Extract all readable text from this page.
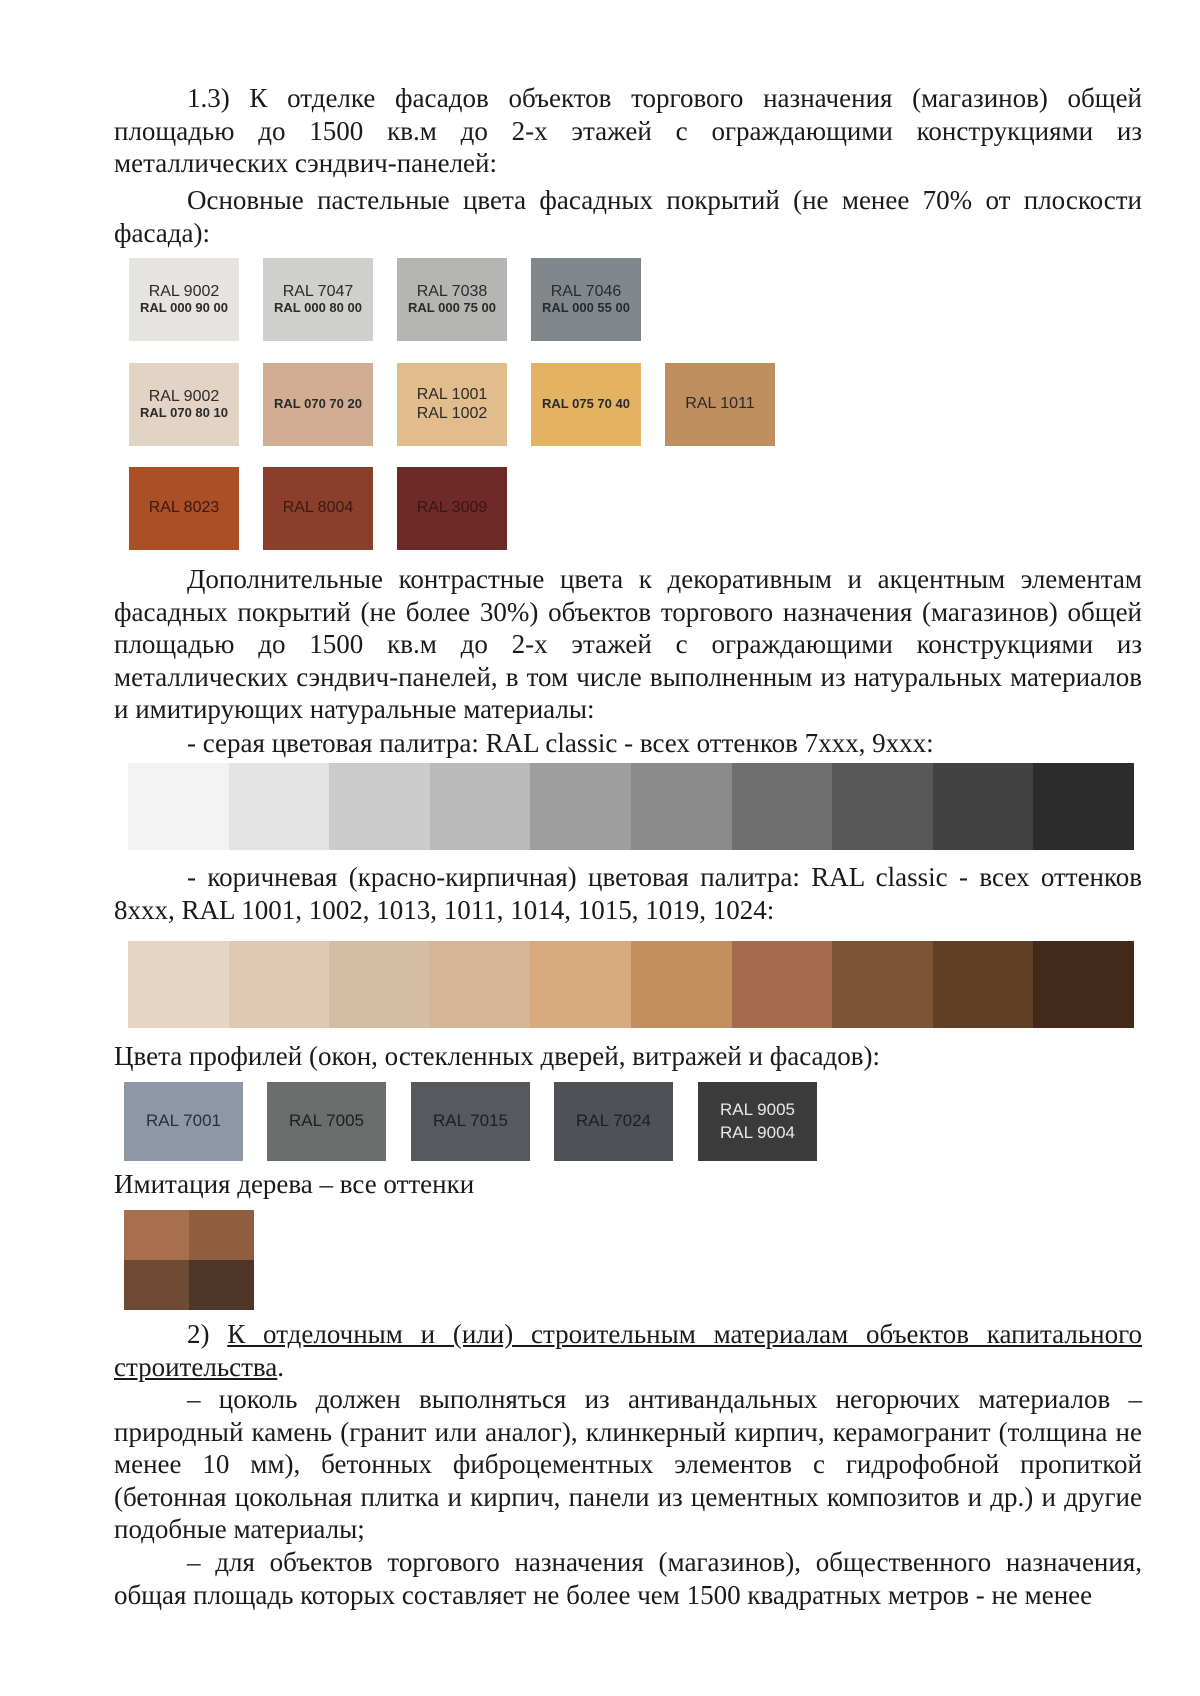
1.3) К отделке фасадов объектов торгового назначения (магазинов) общей площадью до 1500 кв.м до 2-х этажей с ограждающими конструкциями из металлических сэндвич-панелей:

Основные пастельные цвета фасадных покрытий (не менее 70% от плоскости фасада):

RAL 9002
RAL 000 90 00
RAL 7047
RAL 000 80 00
RAL 7038
RAL 000 75 00
RAL 7046
RAL 000 55 00
RAL 9002
RAL 070 80 10
RAL 070 70 20
RAL 1001
RAL 1002
RAL 075 70 40	RAL 1011
RAL 8023	RAL 8004	RAL 3009

Дополнительные контрастные цвета к декоративным и акцентным элементам фасадных покрытий (не более 30%) объектов торгового назначения (магазинов) общей площадью до 1500 кв.м до 2-х этажей с ограждающими конструкциями из металлических сэндвич-панелей, в том числе выполненным из натуральных материалов и имитирующих натуральные материалы:

- серая цветовая палитра: RAL classic - всех оттенков 7xxx, 9xxx:

- коричневая (красно-кирпичная) цветовая палитра: RAL classic - всех оттенков 8xxx, RAL 1001, 1002, 1013, 1011, 1014, 1015, 1019, 1024:

Цвета профилей (окон, остекленных дверей, витражей и фасадов):

RAL 7001	RAL 7005	RAL 7015	RAL 7024
RAL 9005
RAL 9004

Имитация дерева – все оттенки

2) К отделочным и (или) строительным материалам объектов капитального строительства.

– цоколь должен выполняться из антивандальных негорючих материалов – природный камень (гранит или аналог), клинкерный кирпич, керамогранит (толщина не менее 10 мм), бетонных фиброцементных элементов с гидрофобной пропиткой (бетонная цокольная плитка и кирпич, панели из цементных композитов и др.) и другие подобные материалы;

– для объектов торгового назначения (магазинов), общественного назначения, общая площадь которых составляет не более чем 1500 квадратных метров - не менее
